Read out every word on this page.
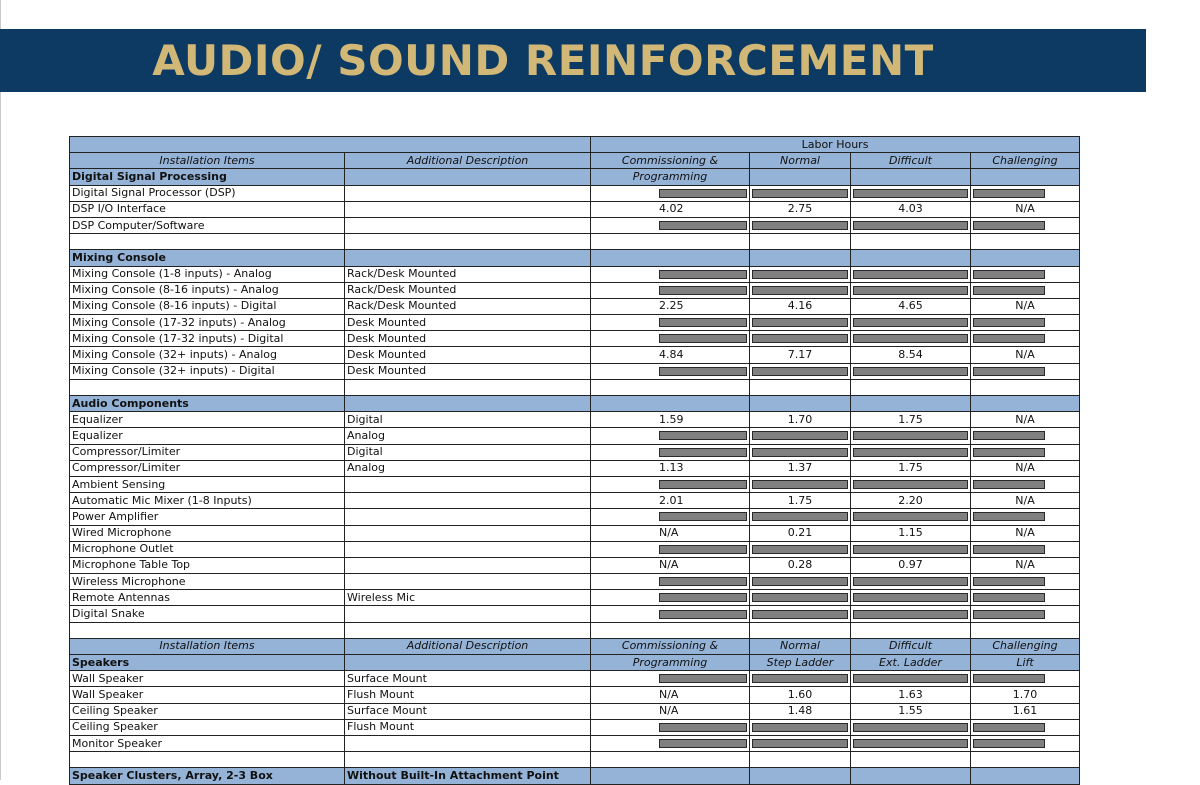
AUDIO/ SOUND REINFORCEMENT
		Labor Hours			
Installation Items	Additional Description	Commissioning &	Normal	Difficult	Challenging
Digital Signal Processing		Programming			
Digital Signal Processor (DSP)		

DSP I/O Interface		4.02	2.75	4.03	N/A
DSP Computer/Software		

Mixing Console					
Mixing Console (1-8 inputs) - Analog	Rack/Desk Mounted	

Mixing Console (8-16 inputs) - Analog	Rack/Desk Mounted	

Mixing Console (8-16 inputs) - Digital	Rack/Desk Mounted	2.25	4.16	4.65	N/A
Mixing Console (17-32 inputs) - Analog	Desk Mounted	

Mixing Console (17-32 inputs) - Digital	Desk Mounted	

Mixing Console (32+ inputs) - Analog	Desk Mounted	4.84	7.17	8.54	N/A
Mixing Console (32+ inputs) - Digital	Desk Mounted	

Audio Components					
Equalizer	Digital	1.59	1.70	1.75	N/A
Equalizer	Analog	

Compressor/Limiter	Digital	

Compressor/Limiter	Analog	1.13	1.37	1.75	N/A
Ambient Sensing		

Automatic Mic Mixer (1-8 Inputs)		2.01	1.75	2.20	N/A
Power Amplifier		

Wired Microphone		N/A	0.21	1.15	N/A
Microphone Outlet		

Microphone Table Top		N/A	0.28	0.97	N/A
Wireless Microphone		

Remote Antennas	Wireless Mic	

Digital Snake		

Installation Items	Additional Description	Commissioning &	Normal	Difficult	Challenging
Speakers		Programming	Step Ladder	Ext. Ladder	Lift
Wall Speaker	Surface Mount	

Wall Speaker	Flush Mount	N/A	1.60	1.63	1.70
Ceiling Speaker	Surface Mount	N/A	1.48	1.55	1.61
Ceiling Speaker	Flush Mount	

Monitor Speaker		

Speaker Clusters, Array, 2-3 Box	Without Built-In Attachment Point				
